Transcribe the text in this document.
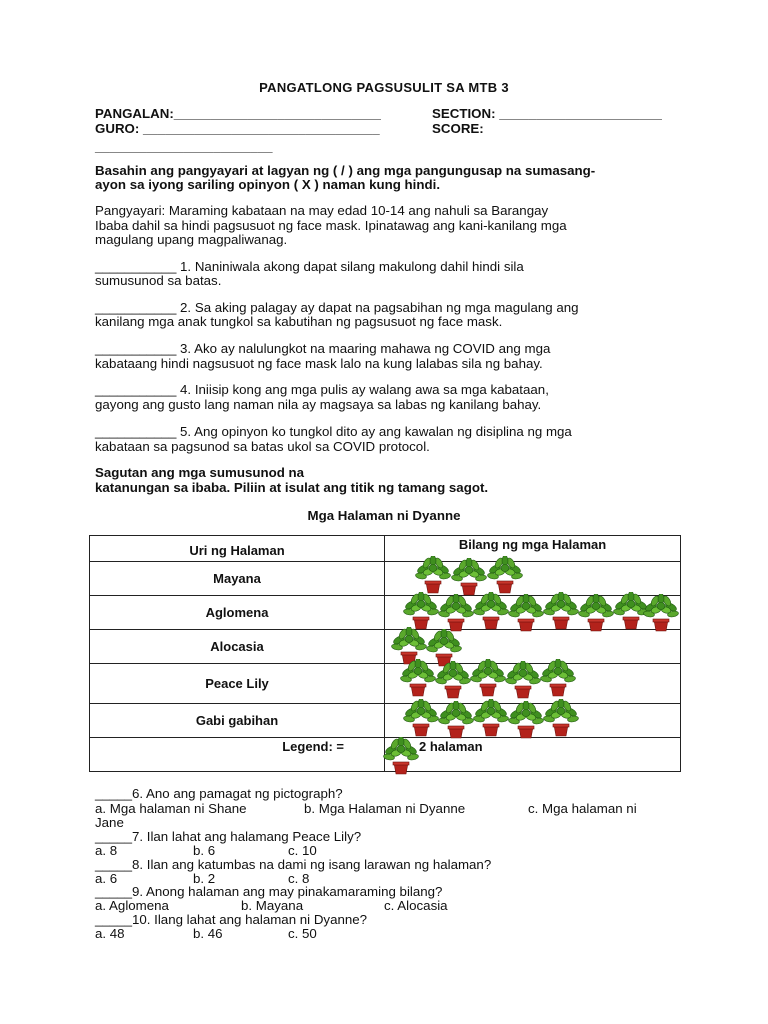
PANGATLONG PAGSUSULIT SA MTB 3
PANGALAN:____________________________	SECTION: ______________________
GURO: ________________________________	SCORE:
________________________
Basahin ang pangyayari at lagyan ng ( / ) ang mga pangungusap na sumasang-
ayon sa iyong sariling opinyon ( X ) naman kung hindi.
Pangyayari: Maraming kabataan na may edad 10-14 ang nahuli sa Barangay
Ibaba dahil sa hindi pagsusuot ng face mask. Ipinatawag ang kani-kanilang mga
magulang upang magpaliwanag.
___________ 1. Naniniwala akong dapat silang makulong dahil hindi sila
sumusunod sa batas.
___________ 2. Sa aking palagay ay dapat na pagsabihan ng mga magulang ang
kanilang mga anak tungkol sa kabutihan ng pagsusuot ng face mask.
___________ 3. Ako ay nalulungkot na maaring mahawa ng COVID ang mga
kabataang hindi nagsusuot ng face mask lalo na kung lalabas sila ng bahay.
___________ 4. Iniisip kong ang mga pulis ay walang awa sa mga kabataan,
gayong ang gusto lang naman nila ay magsaya sa labas ng kanilang bahay.
___________ 5. Ang opinyon ko tungkol dito ay ang kawalan ng disiplina ng mga
kabataan sa pagsunod sa batas ukol sa COVID protocol.
Sagutan ang mga sumusunod na
katanungan sa ibaba. Piliin at isulat ang titik ng tamang sagot.
Mga Halaman ni Dyanne
Uri ng Halaman	Bilang ng mga Halaman
Mayana	

Aglomena	

Alocasia	

Peace Lily	

Gabi gabihan	

Legend: =	2 halaman
_____6. Ano ang pamagat ng pictograph?
a. Mga halaman ni Shane	b. Mga Halaman ni Dyanne	c. Mga halaman ni
Jane
_____7. Ilan lahat ang halamang Peace Lily?
a. 8	b. 6	c. 10
_____8. Ilan ang katumbas na dami ng isang larawan ng halaman?
a. 6	b. 2	c. 8
_____9. Anong halaman ang may pinakamaraming bilang?
a. Aglomena	b. Mayana	c. Alocasia
_____10. Ilang lahat ang halaman ni Dyanne?
a. 48	b. 46	c. 50
